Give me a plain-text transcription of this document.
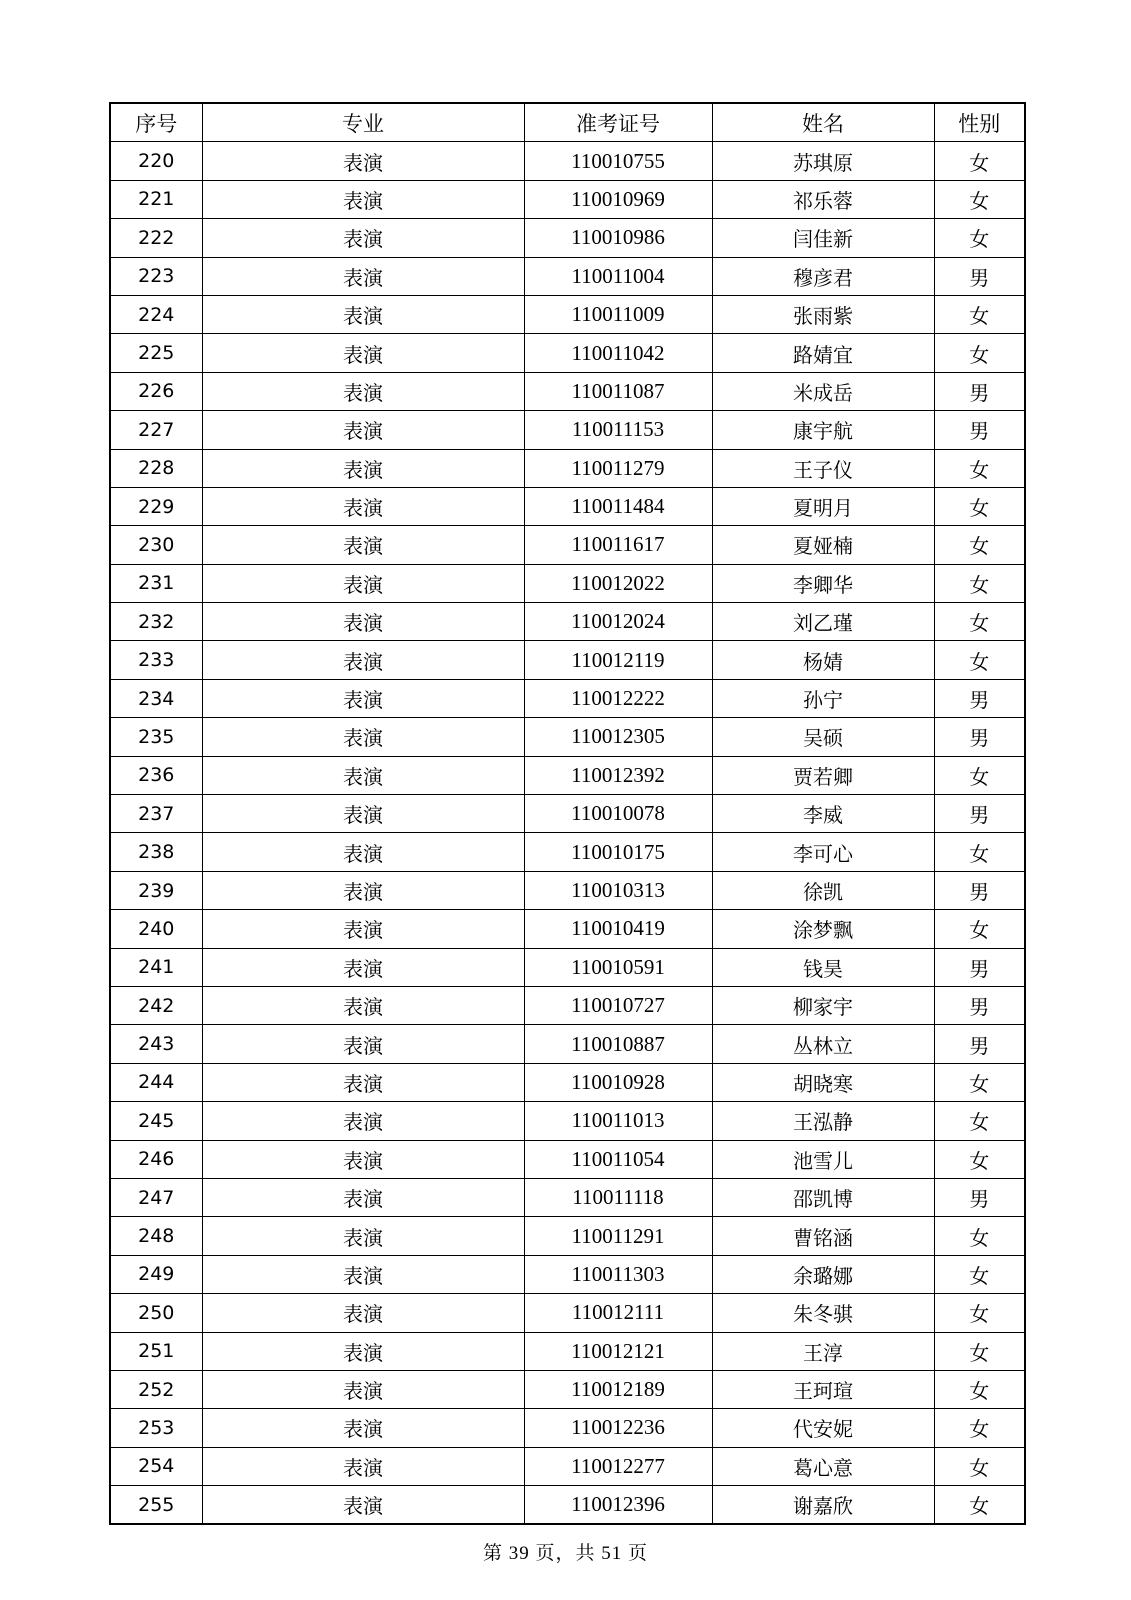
序号	专业	准考证号	姓名	性别
220	表演	110010755	苏琪原	女
221	表演	110010969	祁乐蓉	女
222	表演	110010986	闫佳新	女
223	表演	110011004	穆彦君	男
224	表演	110011009	张雨紫	女
225	表演	110011042	路婧宜	女
226	表演	110011087	米成岳	男
227	表演	110011153	康宇航	男
228	表演	110011279	王子仪	女
229	表演	110011484	夏明月	女
230	表演	110011617	夏娅楠	女
231	表演	110012022	李卿华	女
232	表演	110012024	刘乙瑾	女
233	表演	110012119	杨婧	女
234	表演	110012222	孙宁	男
235	表演	110012305	吴硕	男
236	表演	110012392	贾若卿	女
237	表演	110010078	李威	男
238	表演	110010175	李可心	女
239	表演	110010313	徐凯	男
240	表演	110010419	涂梦飘	女
241	表演	110010591	钱昊	男
242	表演	110010727	柳家宇	男
243	表演	110010887	丛林立	男
244	表演	110010928	胡晓寒	女
245	表演	110011013	王泓静	女
246	表演	110011054	池雪儿	女
247	表演	110011118	邵凯博	男
248	表演	110011291	曹铭涵	女
249	表演	110011303	余璐娜	女
250	表演	110012111	朱冬骐	女
251	表演	110012121	王淳	女
252	表演	110012189	王珂瑄	女
253	表演	110012236	代安妮	女
254	表演	110012277	葛心意	女
255	表演	110012396	谢嘉欣	女
第 39 页，共 51 页
